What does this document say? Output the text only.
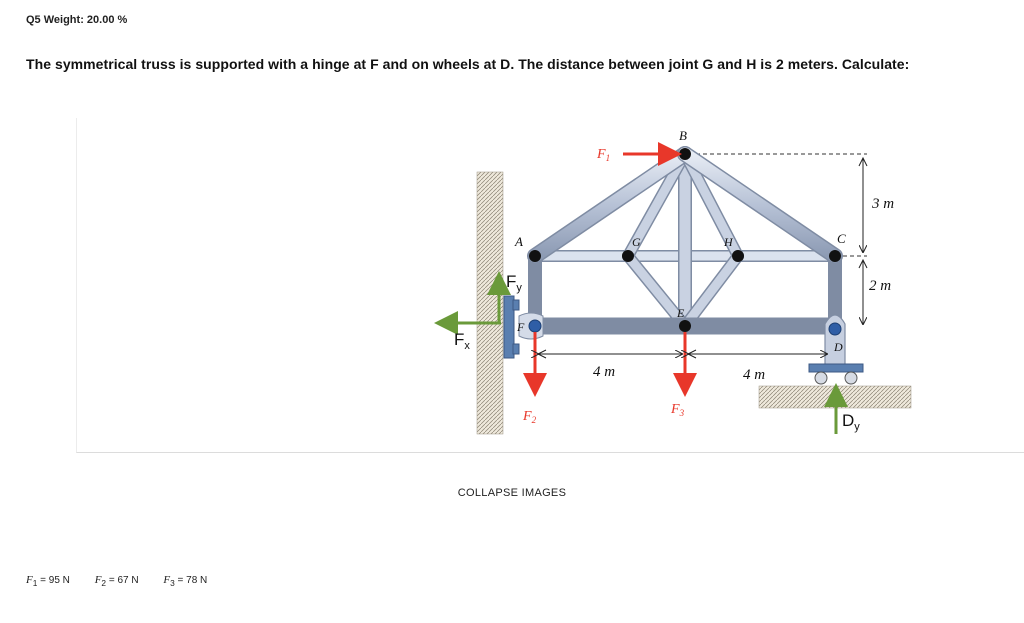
Q5 Weight: 20.00 %
The symmetrical truss is supported with a hinge at F and on wheels at D. The distance between joint G and H is 2 meters. Calculate:
A
B
C
G	H
E
F
D
$F_1$
$F_2$
$F_3$
$F_x$
$F_y$
$D_y$
4 m	4 m
3 m
2 m
COLLAPSE IMAGES
$F_1 = 95$ N $F_2 = 67$ N $F_3 = 78$ N
